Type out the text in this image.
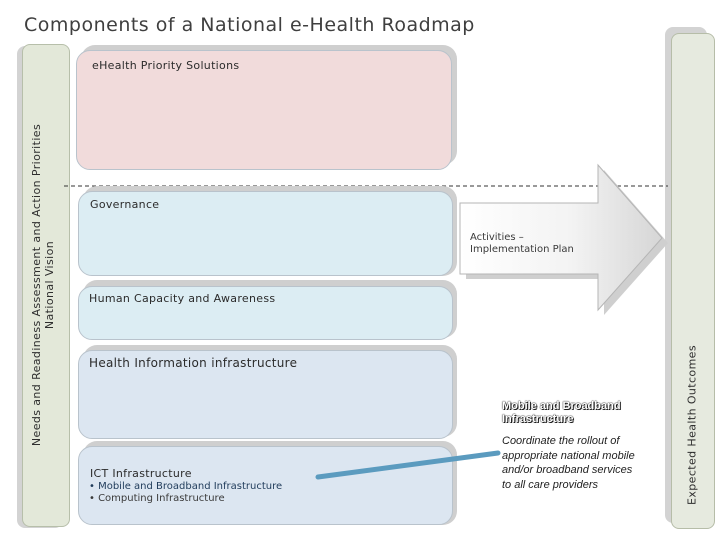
Components of a National e-Health Roadmap
Needs and Readiness Assessment and Action Priorities National Vision
Expected Health Outcomes
Activities –
Implementation Plan
eHealth Priority Solutions
Governance
Human Capacity and Awareness
Health Information infrastructure
ICT Infrastructure
• Mobile and Broadband Infrastructure
• Computing Infrastructure
Mobile and Broadband
Infrastructure
Coordinate the rollout of
appropriate national mobile
and/or broadband services
to all care providers
